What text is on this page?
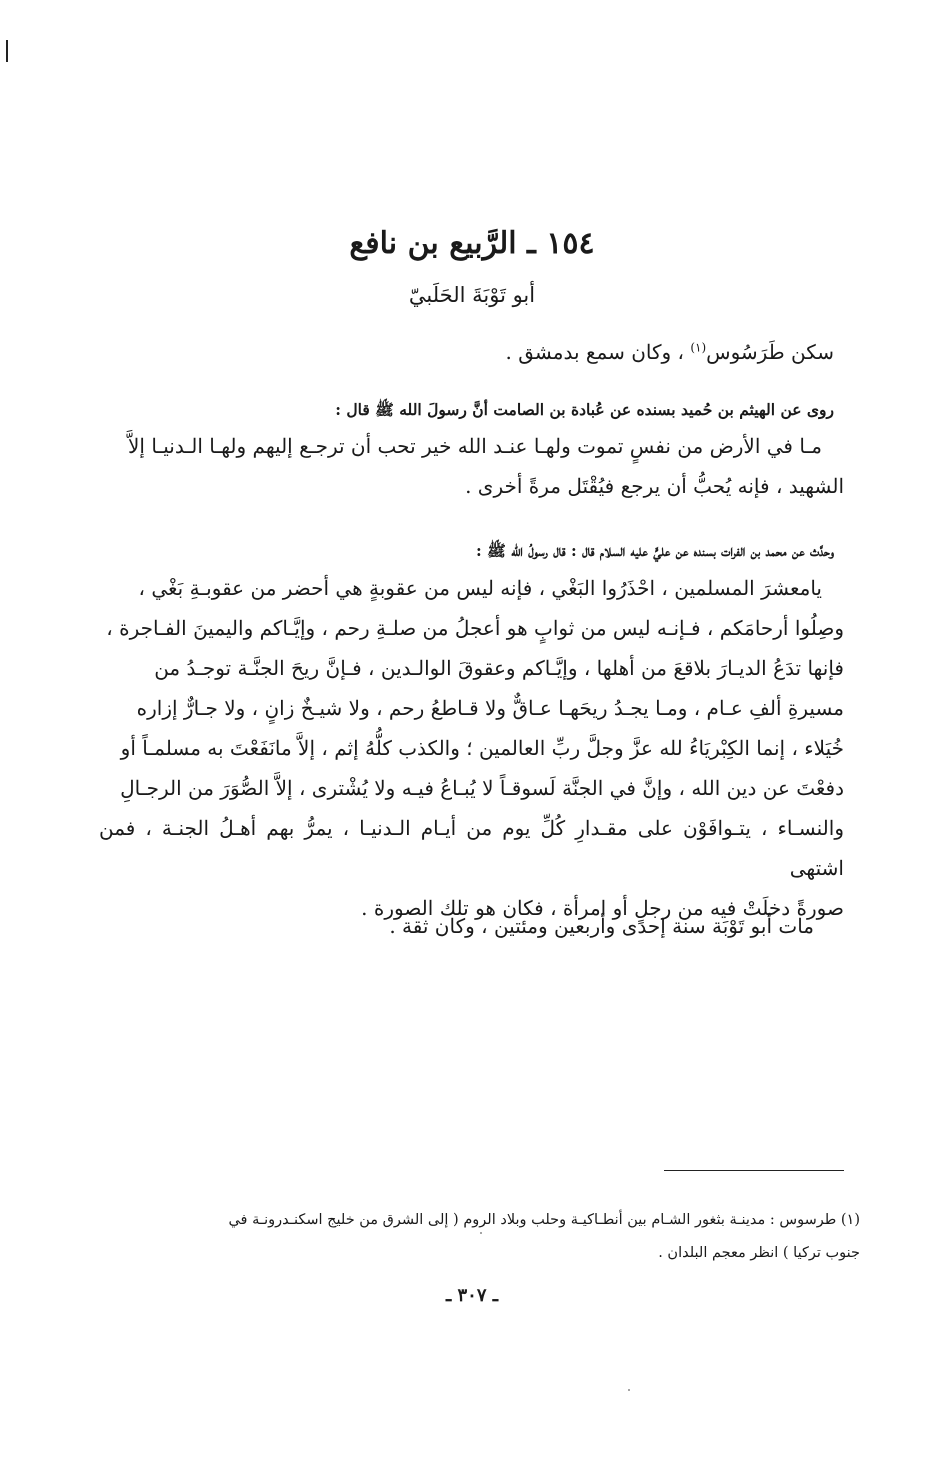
١٥٤ ـ الرَّبيع بن نافع
أبو تَوْبَةَ الحَلَبيّ
سكن طَرَسُوس$^{(١)}$ ، وكان سمع بدمشق .
روى عن الهيثم بن حُميد بسنده عن عُبادة بن الصامت أنَّ رسولَ الله ﷺ قال :

مـا في الأرض من نفسٍ تموت ولهـا عنـد الله خير تحب أن ترجـع إليهم ولهـا الـدنيـا إلاَّ

الشهيد ، فإنه يُحبُّ أن يرجع فيُقْتَل مرةً أخرى .

وحدَّث عن محمد بن الفرات بسنده عن عليٍّ عليه السلام قال : قال رسولُ الله ﷺ :

يامعشرَ المسلمين ، احْذَرُوا البَغْي ، فإنه ليس من عقوبةٍ هي أحضر من عقوبـةِ بَغْي ،

وصِلُوا أرحامَكم ، فـإنـه ليس من ثوابٍ هو أعجلُ من صلـةِ رحم ، وإيَّـاكم واليمينَ الفـاجرة ،

فإنها تدَعُ الديـارَ بلاقعَ من أهلها ، وإيَّـاكم وعقوقَ الوالـدين ، فـإنَّ ريحَ الجنَّـة توجـدُ من

مسيرةِ ألفِ عـام ، ومـا يجـدُ ريحَهـا عـاقٌّ ولا قـاطعُ رحم ، ولا شيـخٌ زانٍ ، ولا جـارٌّ إزاره

خُيَلاء ، إنما الكِبْريَاءُ لله عزَّ وجلَّ ربِّ العالمين ؛ والكذب كلُّهُ إثم ، إلاَّ مانَفَعْتَ به مسلمـاً أو

دفعْتَ عن دين الله ، وإنَّ في الجنَّة لَسوقـاً لا يُبـاعُ فيـه ولا يُشْترى ، إلاَّ الصُّوَرَ من الرجـالِ

والنسـاء ، يتـوافَوْن على مقـدارِ كُلِّ يوم من أيـام الـدنيـا ، يمرُّ بهم أهـلُ الجنـة ، فمن اشتهى

صورةً دخلَتْ فيه من رجلٍ أو امرأة ، فكان هو تلك الصورة .

مات أبو تَوْبَة سنة إحدى وأربعين ومئتين ، وكان ثقة .
(١) طرسوس : مدينـة بثغور الشـام بين أنطـاكيـة وحلب وبلاد الروم ( إلى الشرق من خليج اسكنـدرونـة في
جنوب تركيا ) انظر معجم البلدان .
ـ ٣٠٧ ـ
